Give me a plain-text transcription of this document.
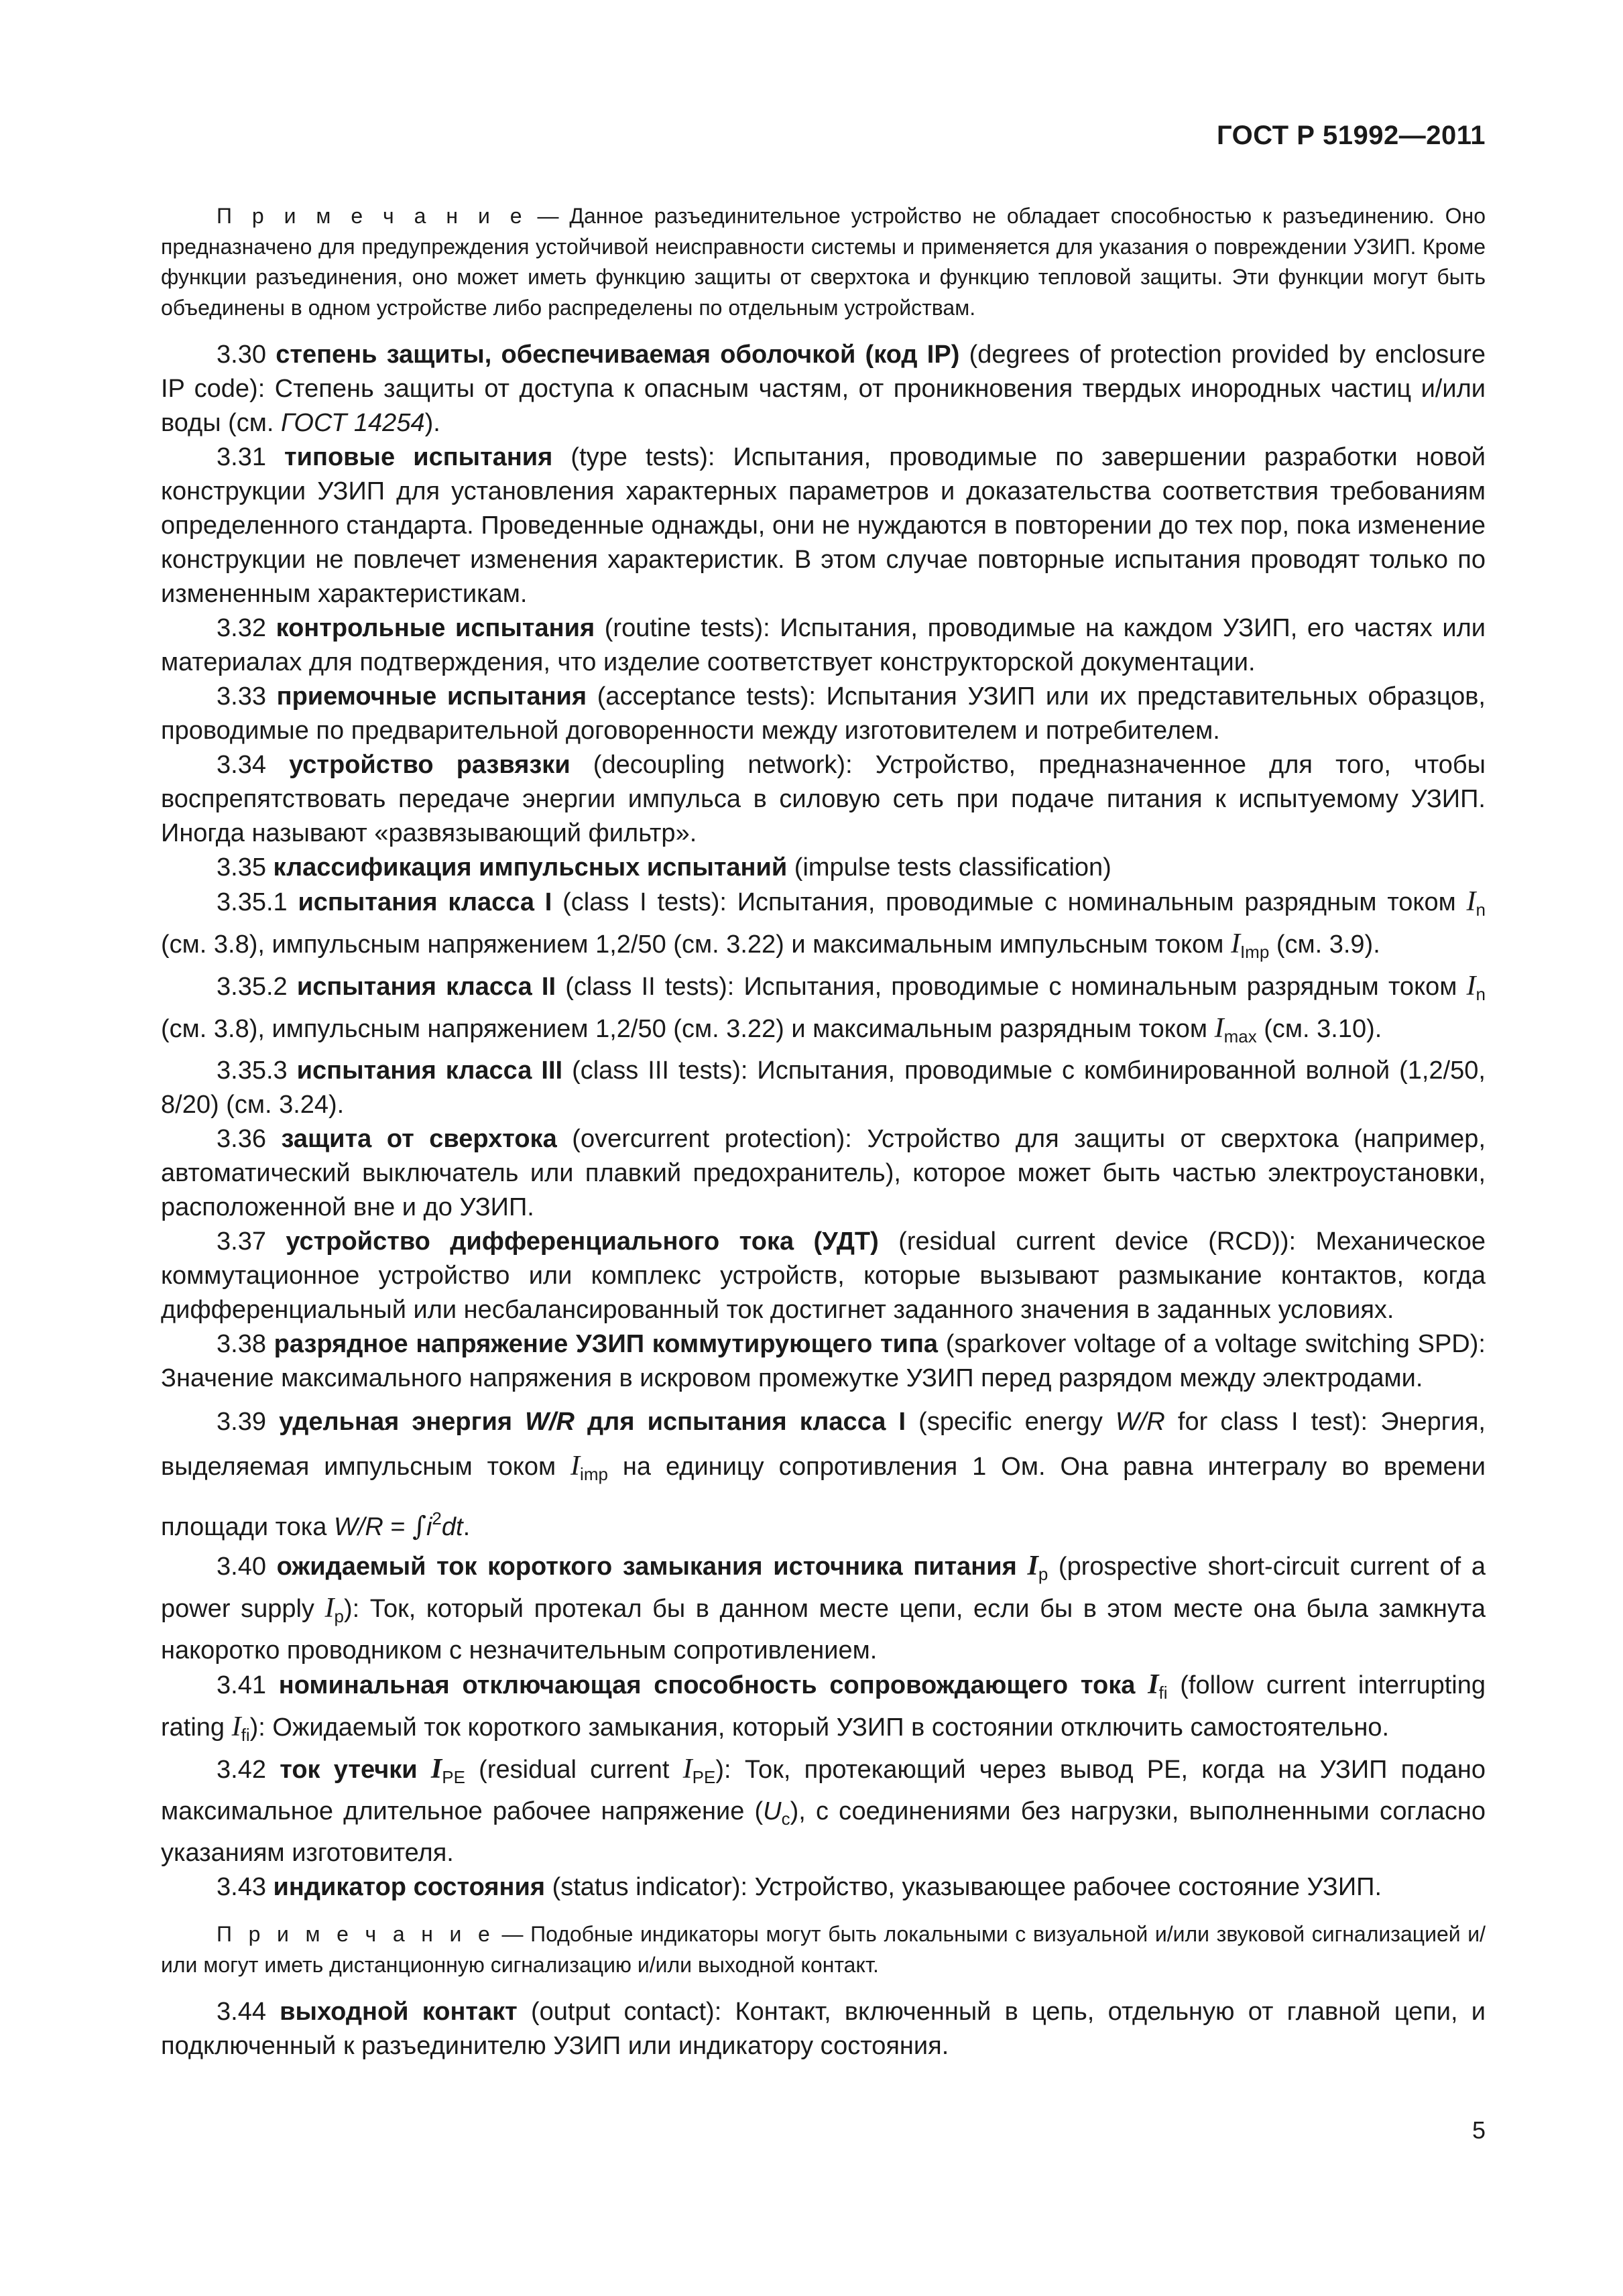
ГОСТ Р 51992—2011

П р и м е ч а н и е — Данное разъединительное устройство не обладает способностью к разъединению. Оно предназначено для предупреждения устойчивой неисправности системы и применяется для указания о повреждении УЗИП. Кроме функции разъединения, оно может иметь функцию защиты от сверхтока и функцию тепловой защиты. Эти функции могут быть объединены в одном устройстве либо распределены по отдельным устройствам.

3.30 степень защиты, обеспечиваемая оболочкой (код IP) (degrees of protection provided by enclosure IP code): Степень защиты от доступа к опасным частям, от проникновения твердых инородных частиц и/или воды (см. ГОСТ 14254).

3.31 типовые испытания (type tests): Испытания, проводимые по завершении разработки новой конструкции УЗИП для установления характерных параметров и доказательства соответствия требованиям определенного стандарта. Проведенные однажды, они не нуждаются в повторении до тех пор, пока изменение конструкции не повлечет изменения характеристик. В этом случае повторные испытания проводят только по измененным характеристикам.

3.32 контрольные испытания (routine tests): Испытания, проводимые на каждом УЗИП, его частях или материалах для подтверждения, что изделие соответствует конструкторской документации.

3.33 приемочные испытания (acceptance tests): Испытания УЗИП или их представительных образцов, проводимые по предварительной договоренности между изготовителем и потребителем.

3.34 устройство развязки (decoupling network): Устройство, предназначенное для того, чтобы воспрепятствовать передаче энергии импульса в силовую сеть при подаче питания к испытуемому УЗИП. Иногда называют «развязывающий фильтр».

3.35 классификация импульсных испытаний (impulse tests classification)

3.35.1 испытания класса I (class I tests): Испытания, проводимые с номинальным разрядным током $I_n$ (см. 3.8), импульсным напряжением 1,2/50 (см. 3.22) и максимальным импульсным током $I_{Imp}$ (см. 3.9).

3.35.2 испытания класса II (class II tests): Испытания, проводимые с номинальным разрядным током $I_n$ (см. 3.8), импульсным напряжением 1,2/50 (см. 3.22) и максимальным разрядным током $I_{max}$ (см. 3.10).

3.35.3 испытания класса III (class III tests): Испытания, проводимые с комбинированной волной (1,2/50, 8/20) (см. 3.24).

3.36 защита от сверхтока (overcurrent protection): Устройство для защиты от сверхтока (например, автоматический выключатель или плавкий предохранитель), которое может быть частью электроустановки, расположенной вне и до УЗИП.

3.37 устройство дифференциального тока (УДТ) (residual current device (RCD)): Механическое коммутационное устройство или комплекс устройств, которые вызывают размыкание контактов, когда дифференциальный или несбалансированный ток достигнет заданного значения в заданных условиях.

3.38 разрядное напряжение УЗИП коммутирующего типа (sparkover voltage of a voltage switching SPD): Значение максимального напряжения в искровом промежутке УЗИП перед разрядом между электродами.

3.39 удельная энергия W/R для испытания класса I (specific energy W/R for class I test): Энергия, выделяемая импульсным током $I_{imp}$ на единицу сопротивления 1 Ом. Она равна интегралу во времени площади тока $W/R = \int i^2dt$.

3.40 ожидаемый ток короткого замыкания источника питания $I_p$ (prospective short-circuit current of a power supply $I_p$): Ток, который протекал бы в данном месте цепи, если бы в этом месте она была замкнута накоротко проводником с незначительным сопротивлением.

3.41 номинальная отключающая способность сопровождающего тока $I_{fi}$ (follow current interrupting rating $I_{fi}$): Ожидаемый ток короткого замыкания, который УЗИП в состоянии отключить самостоятельно.

3.42 ток утечки $I_{PE}$ (residual current $I_{PE}$): Ток, протекающий через вывод PE, когда на УЗИП подано максимальное длительное рабочее напряжение $(U_c)$, с соединениями без нагрузки, выполненными согласно указаниям изготовителя.

3.43 индикатор состояния (status indicator): Устройство, указывающее рабочее состояние УЗИП.

П р и м е ч а н и е — Подобные индикаторы могут быть локальными с визуальной и/или звуковой сигнализацией и/или могут иметь дистанционную сигнализацию и/или выходной контакт.

3.44 выходной контакт (output contact): Контакт, включенный в цепь, отдельную от главной цепи, и подключенный к разъединителю УЗИП или индикатору состояния.

5
